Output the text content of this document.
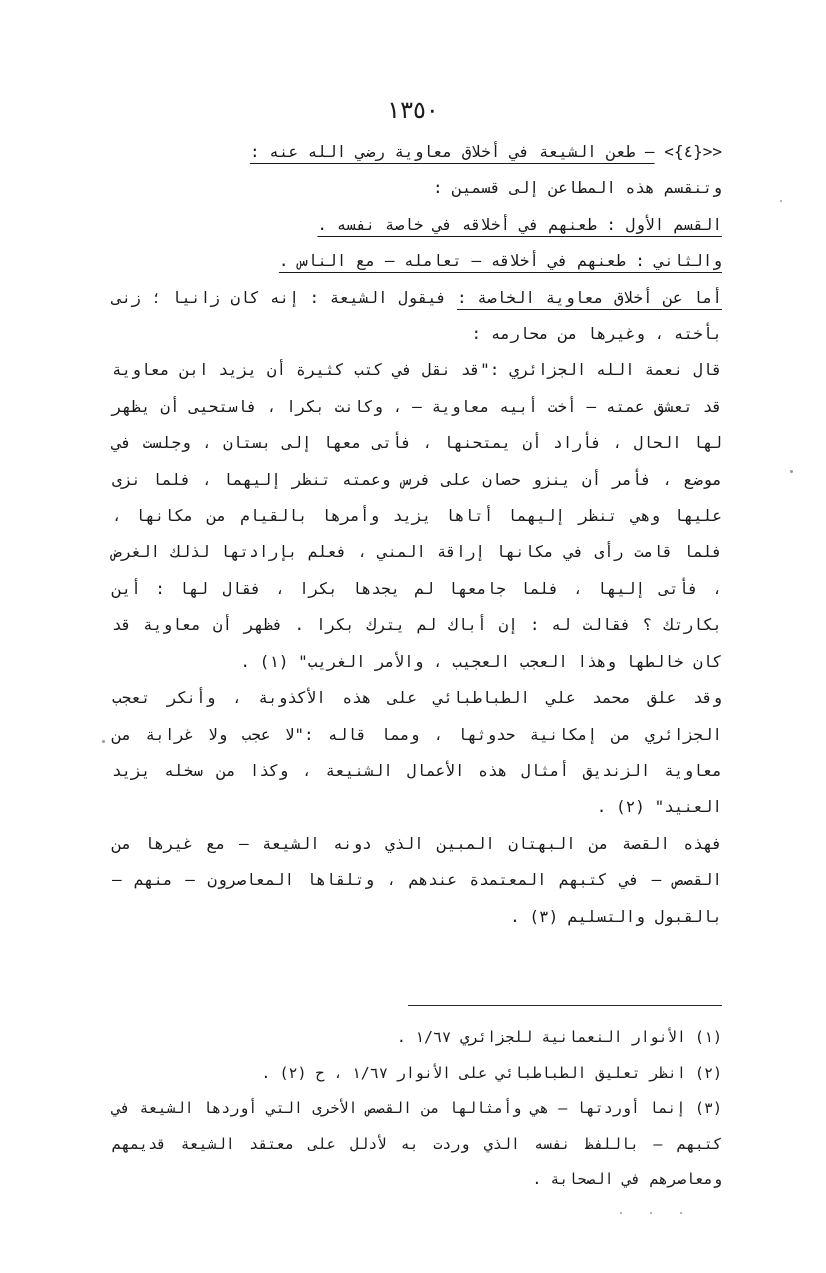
١٣٥٠
<<{٤}> – طعن الشيعة في أخلاق معاوية رضي الله عنه :
وتنقسم هذه المطاعن إلى قسمين :
القسم الأول : طعنهم في أخلاقه في خاصة نفسه .
والثاني : طعنهم في أخلاقه – تعامله – مع الناس .

أما عن أخلاق معاوية الخاصة : فيقول الشيعة : إنه كان زانيا ؛ زنى بأخته ، وغيرها من محارمه :

قال نعمة الله الجزائري :"قد نقل في كتب كثيرة أن يزيد ابن معاوية قد تعشق عمته – أخت أبيه معاوية – ، وكانت بكرا ، فاستحيى أن يظهر لها الحال ، فأراد أن يمتحنها ، فأتى معها إلى بستان ، وجلست في موضع ، فأمر أن ينزو حصان على فرس وعمته تنظر إليهما ، فلما نزى عليها وهي تنظر إليهما أتاها يزيد وأمرها بالقيام من مكانها ، فلما قامت رأى في مكانها إراقة المني ، فعلم بإرادتها لذلك الغرض ، فأتى إليها ، فلما جامعها لم يجدها بكرا ، فقال لها : أين بكارتك ؟ فقالت له : إن أباك لم يترك بكرا . فظهر أن معاوية قد كان خالطها وهذا العجب العجيب ، والأمر الغريب" (١) .

وقد علق محمد علي الطباطبائي على هذه الأكذوبة ، وأنكر تعجب الجزائري من إمكانية حدوثها ، ومما قاله :"لا عجب ولا غرابة من معاوية الزنديق أمثال هذه الأعمال الشنيعة ، وكذا من سخله يزيد العنيد" (٢) .

فهذه القصة من البهتان المبين الذي دونه الشيعة – مع غيرها من القصص – في كتبهم المعتمدة عندهم ، وتلقاها المعاصرون – منهم – بالقبول والتسليم (٣) .

(١) الأنوار النعمانية للجزائري ١/٦٧ .

(٢) انظر تعليق الطباطبائي على الأنوار ١/٦٧ ، ح (٢) .

(٣) إنما أوردتها – هي وأمثالها من القصص الأخرى التي أوردها الشيعة في كتبهم – باللفظ نفسه الذي وردت به لأدلل على معتقد الشيعة قديمهم ومعاصرهم في الصحابة .
